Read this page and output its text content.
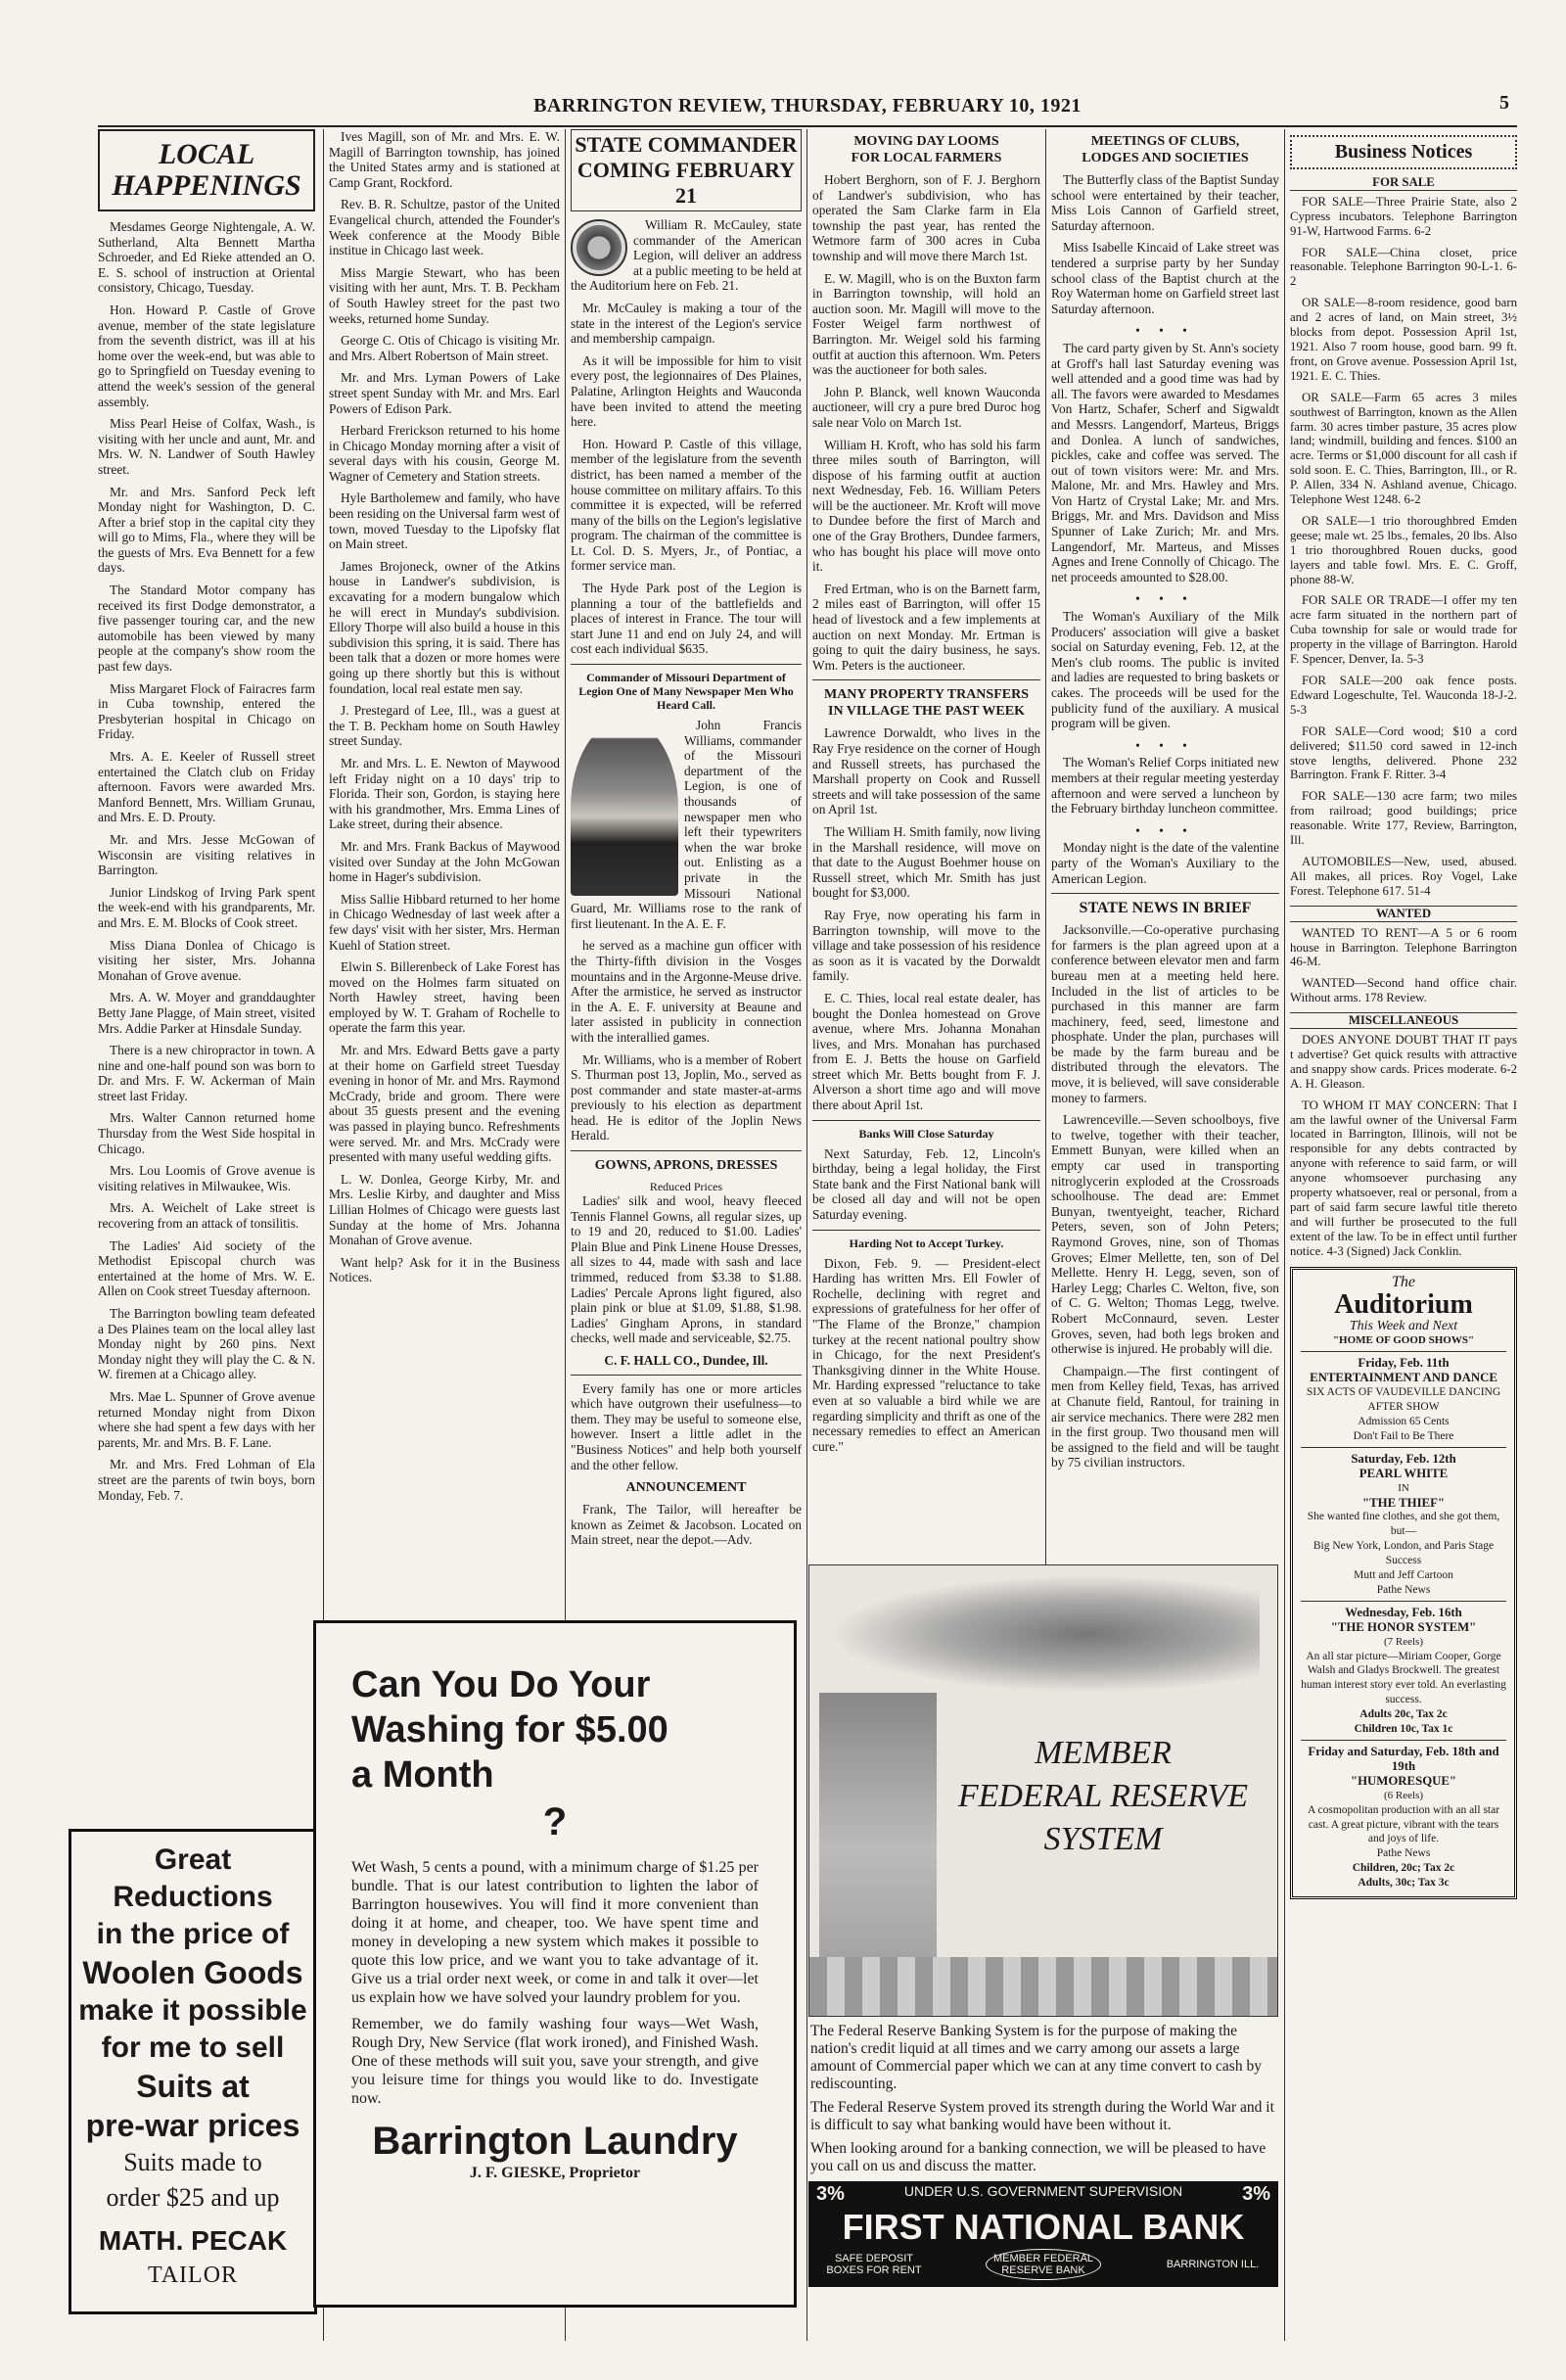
BARRINGTON REVIEW, THURSDAY, FEBRUARY 10, 1921	5
LOCAL
HAPPENINGS

Mesdames George Nightengale, A. W. Sutherland, Alta Bennett Martha Schroeder, and Ed Rieke attended an O. E. S. school of instruction at Oriental consistory, Chicago, Tuesday.

Hon. Howard P. Castle of Grove avenue, member of the state legislature from the seventh district, was ill at his home over the week-end, but was able to go to Springfield on Tuesday evening to attend the week's session of the general assembly.

Miss Pearl Heise of Colfax, Wash., is visiting with her uncle and aunt, Mr. and Mrs. W. N. Landwer of South Hawley street.

Mr. and Mrs. Sanford Peck left Monday night for Washington, D. C. After a brief stop in the capital city they will go to Mims, Fla., where they will be the guests of Mrs. Eva Bennett for a few days.

The Standard Motor company has received its first Dodge demonstrator, a five passenger touring car, and the new automobile has been viewed by many people at the company's show room the past few days.

Miss Margaret Flock of Fairacres farm in Cuba township, entered the Presbyterian hospital in Chicago on Friday.

Mrs. A. E. Keeler of Russell street entertained the Clatch club on Friday afternoon. Favors were awarded Mrs. Manford Bennett, Mrs. William Grunau, and Mrs. E. D. Prouty.

Mr. and Mrs. Jesse McGowan of Wisconsin are visiting relatives in Barrington.

Junior Lindskog of Irving Park spent the week-end with his grandparents, Mr. and Mrs. E. M. Blocks of Cook street.

Miss Diana Donlea of Chicago is visiting her sister, Mrs. Johanna Monahan of Grove avenue.

Mrs. A. W. Moyer and granddaughter Betty Jane Plagge, of Main street, visited Mrs. Addie Parker at Hinsdale Sunday.

There is a new chiropractor in town. A nine and one-half pound son was born to Dr. and Mrs. F. W. Ackerman of Main street last Friday.

Mrs. Walter Cannon returned home Thursday from the West Side hospital in Chicago.

Mrs. Lou Loomis of Grove avenue is visiting relatives in Milwaukee, Wis.

Mrs. A. Weichelt of Lake street is recovering from an attack of tonsilitis.

The Ladies' Aid society of the Methodist Episcopal church was entertained at the home of Mrs. W. E. Allen on Cook street Tuesday afternoon.

The Barrington bowling team defeated a Des Plaines team on the local alley last Monday night by 260 pins. Next Monday night they will play the C. & N. W. firemen at a Chicago alley.

Mrs. Mae L. Spunner of Grove avenue returned Monday night from Dixon where she had spent a few days with her parents, Mr. and Mrs. B. F. Lane.

Mr. and Mrs. Fred Lohman of Ela street are the parents of twin boys, born Monday, Feb. 7.

Great Reductions
in the price of
Woolen Goods
make it possible
for me to sell
Suits at
pre-war prices
Suits made to
order $25 and up
MATH. PECAK
TAILOR

Ives Magill, son of Mr. and Mrs. E. W. Magill of Barrington township, has joined the United States army and is stationed at Camp Grant, Rockford.

Rev. B. R. Schultze, pastor of the United Evangelical church, attended the Founder's Week conference at the Moody Bible institue in Chicago last week.

Miss Margie Stewart, who has been visiting with her aunt, Mrs. T. B. Peckham of South Hawley street for the past two weeks, returned home Sunday.

George C. Otis of Chicago is visiting Mr. and Mrs. Albert Robertson of Main street.

Mr. and Mrs. Lyman Powers of Lake street spent Sunday with Mr. and Mrs. Earl Powers of Edison Park.

Herbard Frerickson returned to his home in Chicago Monday morning after a visit of several days with his cousin, George M. Wagner of Cemetery and Station streets.

Hyle Bartholemew and family, who have been residing on the Universal farm west of town, moved Tuesday to the Lipofsky flat on Main street.

James Brojoneck, owner of the Atkins house in Landwer's subdivision, is excavating for a modern bungalow which he will erect in Munday's subdivision. Ellory Thorpe will also build a house in this subdivision this spring, it is said. There has been talk that a dozen or more homes were going up there shortly but this is without foundation, local real estate men say.

J. Prestegard of Lee, Ill., was a guest at the T. B. Peckham home on South Hawley street Sunday.

Mr. and Mrs. L. E. Newton of Maywood left Friday night on a 10 days' trip to Florida. Their son, Gordon, is staying here with his grandmother, Mrs. Emma Lines of Lake street, during their absence.

Mr. and Mrs. Frank Backus of Maywood visited over Sunday at the John McGowan home in Hager's subdivision.

Miss Sallie Hibbard returned to her home in Chicago Wednesday of last week after a few days' visit with her sister, Mrs. Herman Kuehl of Station street.

Elwin S. Billerenbeck of Lake Forest has moved on the Holmes farm situated on North Hawley street, having been employed by W. T. Graham of Rochelle to operate the farm this year.

Mr. and Mrs. Edward Betts gave a party at their home on Garfield street Tuesday evening in honor of Mr. and Mrs. Raymond McCrady, bride and groom. There were about 35 guests present and the evening was passed in playing bunco. Refreshments were served. Mr. and Mrs. McCrady were presented with many useful wedding gifts.

L. W. Donlea, George Kirby, Mr. and Mrs. Leslie Kirby, and daughter and Miss Lillian Holmes of Chicago were guests last Sunday at the home of Mrs. Johanna Monahan of Grove avenue.

Want help? Ask for it in the Business Notices.

STATE COMMANDER
COMING FEBRUARY 21

William R. McCauley, state commander of the American Legion, will deliver an address at a public meeting to be held at the Auditorium here on Feb. 21.

Mr. McCauley is making a tour of the state in the interest of the Legion's service and membership campaign.

As it will be impossible for him to visit every post, the legionnaires of Des Plaines, Palatine, Arlington Heights and Wauconda have been invited to attend the meeting here.

Hon. Howard P. Castle of this village, member of the legislature from the seventh district, has been named a member of the house committee on military affairs. To this committee it is expected, will be referred many of the bills on the Legion's legislative program. The chairman of the committee is Lt. Col. D. S. Myers, Jr., of Pontiac, a former service man.

The Hyde Park post of the Legion is planning a tour of the battlefields and places of interest in France. The tour will start June 11 and end on July 24, and will cost each individual $635.

Commander of Missouri Department of Legion One of Many Newspaper Men Who Heard Call.

John Francis Williams, commander of the Missouri department of the Legion, is one of thousands of newspaper men who left their typewriters when the war broke out. Enlisting as a private in the Missouri National Guard, Mr. Williams rose to the rank of first lieutenant. In the A. E. F.

he served as a machine gun officer with the Thirty-fifth division in the Vosges mountains and in the Argonne-Meuse drive. After the armistice, he served as instructor in the A. E. F. university at Beaune and later assisted in publicity in connection with the interallied games.

Mr. Williams, who is a member of Robert S. Thurman post 13, Joplin, Mo., served as post commander and state master-at-arms previously to his election as department head. He is editor of the Joplin News Herald.

GOWNS, APRONS, DRESSES
Reduced Prices

Ladies' silk and wool, heavy fleeced Tennis Flannel Gowns, all regular sizes, up to 19 and 20, reduced to $1.00. Ladies' Plain Blue and Pink Linene House Dresses, all sizes to 44, made with sash and lace trimmed, reduced from $3.38 to $1.88. Ladies' Percale Aprons light figured, also plain pink or blue at $1.09, $1.88, $1.98. Ladies' Gingham Aprons, in standard checks, well made and serviceable, $2.75.

C. F. HALL CO., Dundee, Ill.

Every family has one or more articles which have outgrown their usefulness—to them. They may be useful to someone else, however. Insert a little adlet in the "Business Notices" and help both yourself and the other fellow.

ANNOUNCEMENT

Frank, The Tailor, will hereafter be known as Zeimet & Jacobson. Located on Main street, near the depot.—Adv.

Can You Do Your
Washing for $5.00
a Month
?

Wet Wash, 5 cents a pound, with a minimum charge of $1.25 per bundle. That is our latest contribution to lighten the labor of Barrington housewives. You will find it more convenient than doing it at home, and cheaper, too. We have spent time and money in developing a new system which makes it possible to quote this low price, and we want you to take advantage of it. Give us a trial order next week, or come in and talk it over—let us explain how we have solved your laundry problem for you.

Remember, we do family washing four ways—Wet Wash, Rough Dry, New Service (flat work ironed), and Finished Wash. One of these methods will suit you, save your strength, and give you leisure time for things you would like to do. Investigate now.

Barrington Laundry
J. F. GIESKE, Proprietor
MOVING DAY LOOMS
FOR LOCAL FARMERS

Hobert Berghorn, son of F. J. Berghorn of Landwer's subdivision, who has operated the Sam Clarke farm in Ela township the past year, has rented the Wetmore farm of 300 acres in Cuba township and will move there March 1st.

E. W. Magill, who is on the Buxton farm in Barrington township, will hold an auction soon. Mr. Magill will move to the Foster Weigel farm northwest of Barrington. Mr. Weigel sold his farming outfit at auction this afternoon. Wm. Peters was the auctioneer for both sales.

John P. Blanck, well known Wauconda auctioneer, will cry a pure bred Duroc hog sale near Volo on March 1st.

William H. Kroft, who has sold his farm three miles south of Barrington, will dispose of his farming outfit at auction next Wednesday, Feb. 16. William Peters will be the auctioneer. Mr. Kroft will move to Dundee before the first of March and one of the Gray Brothers, Dundee farmers, who has bought his place will move onto it.

Fred Ertman, who is on the Barnett farm, 2 miles east of Barrington, will offer 15 head of livestock and a few implements at auction on next Monday. Mr. Ertman is going to quit the dairy business, he says. Wm. Peters is the auctioneer.

MANY PROPERTY TRANSFERS
IN VILLAGE THE PAST WEEK

Lawrence Dorwaldt, who lives in the Ray Frye residence on the corner of Hough and Russell streets, has purchased the Marshall property on Cook and Russell streets and will take possession of the same on April 1st.

The William H. Smith family, now living in the Marshall residence, will move on that date to the August Boehmer house on Russell street, which Mr. Smith has just bought for $3,000.

Ray Frye, now operating his farm in Barrington township, will move to the village and take possession of his residence as soon as it is vacated by the Dorwaldt family.

E. C. Thies, local real estate dealer, has bought the Donlea homestead on Grove avenue, where Mrs. Johanna Monahan lives, and Mrs. Monahan has purchased from E. J. Betts the house on Garfield street which Mr. Betts bought from F. J. Alverson a short time ago and will move there about April 1st.

Banks Will Close Saturday

Next Saturday, Feb. 12, Lincoln's birthday, being a legal holiday, the First State bank and the First National bank will be closed all day and will not be open Saturday evening.

Harding Not to Accept Turkey.

Dixon, Feb. 9. — President-elect Harding has written Mrs. Ell Fowler of Rochelle, declining with regret and expressions of gratefulness for her offer of "The Flame of the Bronze," champion turkey at the recent national poultry show in Chicago, for the next President's Thanksgiving dinner in the White House. Mr. Harding expressed "reluctance to take even at so valuable a bird while we are regarding simplicity and thrift as one of the necessary remedies to effect an American cure."

MEETINGS OF CLUBS,
LODGES AND SOCIETIES

The Butterfly class of the Baptist Sunday school were entertained by their teacher, Miss Lois Cannon of Garfield street, Saturday afternoon.

Miss Isabelle Kincaid of Lake street was tendered a surprise party by her Sunday school class of the Baptist church at the Roy Waterman home on Garfield street last Saturday afternoon.

• • •

The card party given by St. Ann's society at Groff's hall last Saturday evening was well attended and a good time was had by all. The favors were awarded to Mesdames Von Hartz, Schafer, Scherf and Sigwaldt and Messrs. Langendorf, Marteus, Briggs and Donlea. A lunch of sandwiches, pickles, cake and coffee was served. The out of town visitors were: Mr. and Mrs. Malone, Mr. and Mrs. Hawley and Mrs. Von Hartz of Crystal Lake; Mr. and Mrs. Briggs, Mr. and Mrs. Davidson and Miss Spunner of Lake Zurich; Mr. and Mrs. Langendorf, Mr. Marteus, and Misses Agnes and Irene Connolly of Chicago. The net proceeds amounted to $28.00.

• • •

The Woman's Auxiliary of the Milk Producers' association will give a basket social on Saturday evening, Feb. 12, at the Men's club rooms. The public is invited and ladies are requested to bring baskets or cakes. The proceeds will be used for the publicity fund of the auxiliary. A musical program will be given.

• • •

The Woman's Relief Corps initiated new members at their regular meeting yesterday afternoon and were served a luncheon by the February birthday luncheon committee.

• • •

Monday night is the date of the valentine party of the Woman's Auxiliary to the American Legion.

STATE NEWS IN BRIEF

Jacksonville.—Co-operative purchasing for farmers is the plan agreed upon at a conference between elevator men and farm bureau men at a meeting held here. Included in the list of articles to be purchased in this manner are farm machinery, feed, seed, limestone and phosphate. Under the plan, purchases will be made by the farm bureau and be distributed through the elevators. The move, it is believed, will save considerable money to farmers.

Lawrenceville.—Seven schoolboys, five to twelve, together with their teacher, Emmett Bunyan, were killed when an empty car used in transporting nitroglycerin exploded at the Crossroads schoolhouse. The dead are: Emmet Bunyan, twentyeight, teacher, Richard Peters, seven, son of John Peters; Raymond Groves, nine, son of Thomas Groves; Elmer Mellette, ten, son of Del Mellette. Henry H. Legg, seven, son of Harley Legg; Charles C. Welton, five, son of C. G. Welton; Thomas Legg, twelve. Robert McConnaurd, seven. Lester Groves, seven, had both legs broken and otherwise is injured. He probably will die.

Champaign.—The first contingent of men from Kelley field, Texas, has arrived at Chanute field, Rantoul, for training in air service mechanics. There were 282 men in the first group. Two thousand men will be assigned to the field and will be taught by 75 civilian instructors.

MEMBER
FEDERAL RESERVE
SYSTEM

The Federal Reserve Banking System is for the purpose of making the nation's credit liquid at all times and we carry among our assets a large amount of Commercial paper which we can at any time convert to cash by rediscounting.

The Federal Reserve System proved its strength during the World War and it is difficult to say what banking would have been without it.

When looking around for a banking connection, we will be pleased to have you call on us and discuss the matter.

3%	UNDER U.S. GOVERNMENT SUPERVISION	3%
FIRST NATIONAL BANK
SAFE DEPOSIT BOXES FOR RENT
MEMBER FEDERAL RESERVE BANK	BARRINGTON ILL.
Business Notices
FOR SALE

FOR SALE—Three Prairie State, also 2 Cypress incubators. Telephone Barrington 91-W, Hartwood Farms. 6-2

FOR SALE—China closet, price reasonable. Telephone Barrington 90-L-1. 6-2

OR SALE—8-room residence, good barn and 2 acres of land, on Main street, 3½ blocks from depot. Possession April 1st, 1921. Also 7 room house, good barn. 99 ft. front, on Grove avenue. Possession April 1st, 1921. E. C. Thies.

OR SALE—Farm 65 acres 3 miles southwest of Barrington, known as the Allen farm. 30 acres timber pasture, 35 acres plow land; windmill, building and fences. $100 an acre. Terms or $1,000 discount for all cash if sold soon. E. C. Thies, Barrington, Ill., or R. P. Allen, 334 N. Ashland avenue, Chicago. Telephone West 1248. 6-2

OR SALE—1 trio thoroughbred Emden geese; male wt. 25 lbs., females, 20 lbs. Also 1 trio thoroughbred Rouen ducks, good layers and table fowl. Mrs. E. C. Groff, phone 88-W.

FOR SALE OR TRADE—I offer my ten acre farm situated in the northern part of Cuba township for sale or would trade for property in the village of Barrington. Harold F. Spencer, Denver, Ia. 5-3

FOR SALE—200 oak fence posts. Edward Logeschulte, Tel. Wauconda 18-J-2. 5-3

FOR SALE—Cord wood; $10 a cord delivered; $11.50 cord sawed in 12-inch stove lengths, delivered. Phone 232 Barrington. Frank F. Ritter. 3-4

FOR SALE—130 acre farm; two miles from railroad; good buildings; price reasonable. Write 177, Review, Barrington, Ill.

AUTOMOBILES—New, used, abused. All makes, all prices. Roy Vogel, Lake Forest. Telephone 617. 51-4

WANTED

WANTED TO RENT—A 5 or 6 room house in Barrington. Telephone Barrington 46-M.

WANTED—Second hand office chair. Without arms. 178 Review.

MISCELLANEOUS

DOES ANYONE DOUBT THAT IT pays t advertise? Get quick results with attractive and snappy show cards. Prices moderate. 6-2 A. H. Gleason.

TO WHOM IT MAY CONCERN: That I am the lawful owner of the Universal Farm located in Barrington, Illinois, will not be responsible for any debts contracted by anyone with reference to said farm, or will anyone whomsoever purchasing any property whatsoever, real or personal, from a part of said farm secure lawful title thereto and will further be prosecuted to the full extent of the law. To be in effect until further notice. 4-3 (Signed) Jack Conklin.

The
Auditorium
This Week and Next
"HOME OF GOOD SHOWS"
Friday, Feb. 11th
ENTERTAINMENT AND DANCE
SIX ACTS OF VAUDEVILLE DANCING AFTER SHOW
Admission 65 Cents
Don't Fail to Be There
Saturday, Feb. 12th
PEARL WHITE
IN
"THE THIEF"
She wanted fine clothes, and she got them, but—
Big New York, London, and Paris Stage Success
Mutt and Jeff Cartoon
Pathe News
Wednesday, Feb. 16th
"THE HONOR SYSTEM"
(7 Reels)
An all star picture—Miriam Cooper, Gorge Walsh and Gladys Brockwell. The greatest human interest story ever told. An everlasting success.
Adults 20c, Tax 2c
Children 10c, Tax 1c
Friday and Saturday, Feb. 18th and 19th
"HUMORESQUE"
(6 Reels)
A cosmopolitan production with an all star cast. A great picture, vibrant with the tears and joys of life.
Pathe News
Children, 20c; Tax 2c
Adults, 30c; Tax 3c
